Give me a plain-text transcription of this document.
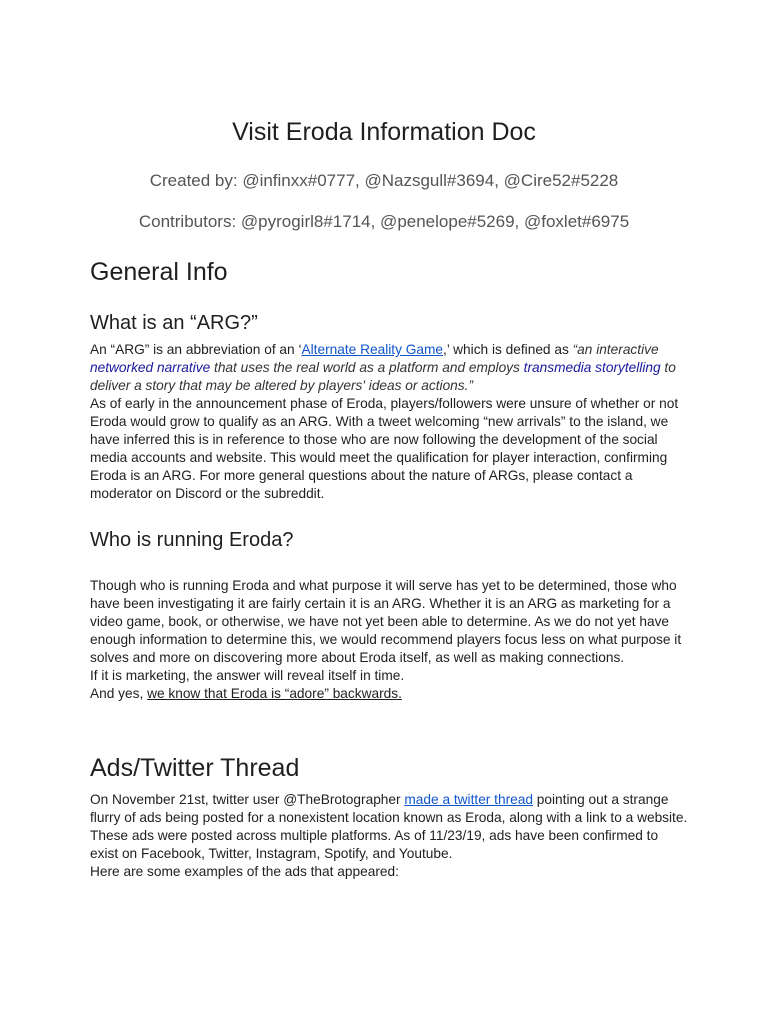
Visit Eroda Information Doc
Created by: @infinxx#0777, @Nazsgull#3694, @Cire52#5228
Contributors: @pyrogirl8#1714, @penelope#5269, @foxlet#6975
General Info
What is an “ARG?”

An “ARG” is an abbreviation of an ‘Alternate Reality Game,’ which is defined as “an interactive networked narrative that uses the real world as a platform and employs transmedia storytelling to deliver a story that may be altered by players' ideas or actions.”

As of early in the announcement phase of Eroda, players/followers were unsure of whether or not Eroda would grow to qualify as an ARG. With a tweet welcoming “new arrivals” to the island, we have inferred this is in reference to those who are now following the development of the social media accounts and website. This would meet the qualification for player interaction, confirming Eroda is an ARG. For more general questions about the nature of ARGs, please contact a moderator on Discord or the subreddit.

Who is running Eroda?

Though who is running Eroda and what purpose it will serve has yet to be determined, those who have been investigating it are fairly certain it is an ARG. Whether it is an ARG as marketing for a video game, book, or otherwise, we have not yet been able to determine. As we do not yet have enough information to determine this, we would recommend players focus less on what purpose it solves and more on discovering more about Eroda itself, as well as making connections.

If it is marketing, the answer will reveal itself in time.

And yes, we know that Eroda is “adore” backwards.

Ads/Twitter Thread

On November 21st, twitter user @TheBrotographer made a twitter thread pointing out a strange flurry of ads being posted for a nonexistent location known as Eroda, along with a link to a website.

These ads were posted across multiple platforms. As of 11/23/19, ads have been confirmed to exist on Facebook, Twitter, Instagram, Spotify, and Youtube.

Here are some examples of the ads that appeared:
